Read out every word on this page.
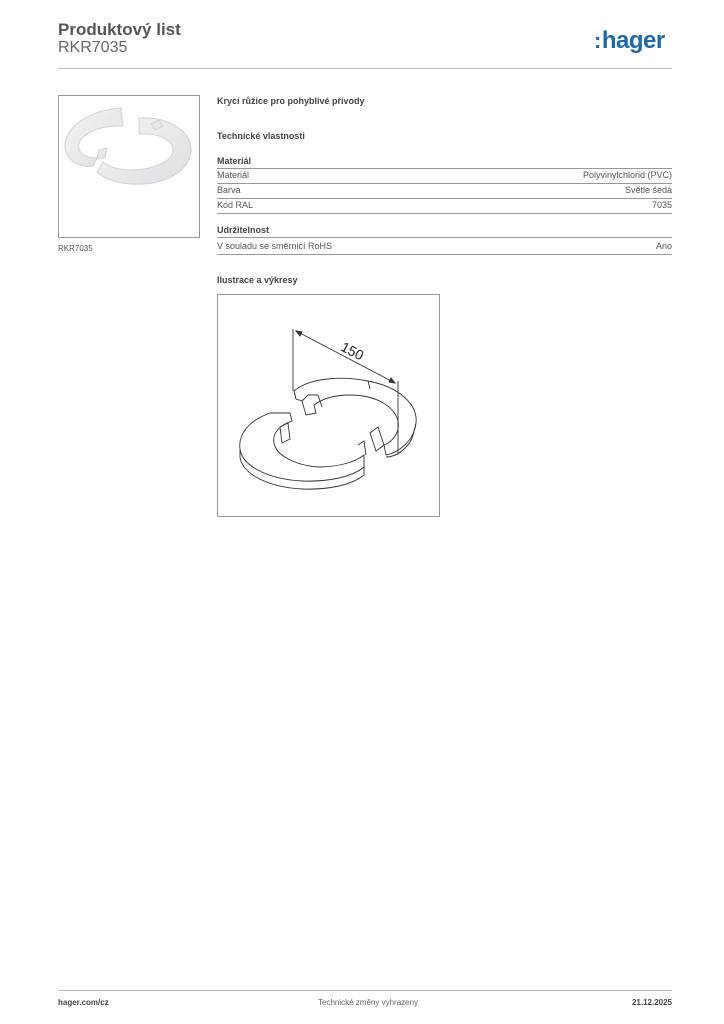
Produktový list
RKR7035	:hager
RKR7035
Krycí růžice pro pohyblivé přívody
Technické vlastnosti
Materiál
Materiál	Polyvinylchlorid (PVC)
Barva	Světle šedá
Kód RAL	7035
Udržitelnost
V souladu se směrnicí RoHS	Ano
Ilustrace a výkresy
150
hager.com/cz	Technické změny vyhrazeny	21.12.2025
